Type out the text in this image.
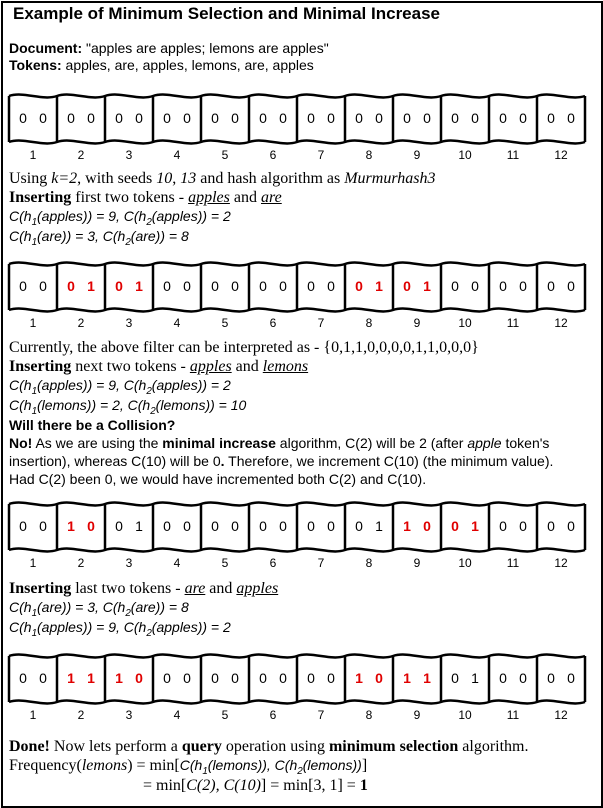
Example of Minimum Selection and Minimal Increase
Document: "apples are apples; lemons are apples"
Tokens: apples, are, apples, lemons, are, apples
0 0
1
0 0
2
0 0
3
0 0
4
0 0
5
0 0
6
0 0
7
0 0
8
0 0
9
0 0
10
0 0
11
0 0
12
Using k=2, with seeds 10, 13 and hash algorithm as Murmurhash3
Inserting first two tokens - apples and are
$C(h_1(apples)) = 9$, $C(h_2(apples)) = 2$
$C(h_1(are)) = 3$, $C(h_2(are)) = 8$
0 0
1
0 1
2
0 1
3
0 0
4
0 0
5
0 0
6
0 0
7
0 1
8
0 1
9
0 0
10
0 0
11
0 0
12
Currently, the above filter can be interpreted as - {0,1,1,0,0,0,0,1,1,0,0,0}
Inserting next two tokens - apples and lemons
$C(h_1(apples)) = 9$, $C(h_2(apples)) = 2$
$C(h_1(lemons)) = 2$, $C(h_2(lemons)) = 10$
Will there be a Collision?
No! As we are using the minimal increase algorithm, C(2) will be 2 (after apple token's
insertion), whereas C(10) will be 0. Therefore, we increment C(10) (the minimum value).
Had C(2) been 0, we would have incremented both C(2) and C(10).
0 0
1
1 0
2
0 1
3
0 0
4
0 0
5
0 0
6
0 0
7
0 1
8
1 0
9
0 1
10
0 0
11
0 0
12
Inserting last two tokens - are and apples
$C(h_1(are)) = 3$, $C(h_2(are)) = 8$
$C(h_1(apples)) = 9$, $C(h_2(apples)) = 2$
0 0
1
1 1
2
1 0
3
0 0
4
0 0
5
0 0
6
0 0
7
1 0
8
1 1
9
0 1
10
0 0
11
0 0
12
Done! Now lets perform a query operation using minimum selection algorithm.
Frequency(lemons) = $\min[C(h_1(lemons))$, $C(h_2(lemons))$]
= min[C(2), C(10)] = min[3, 1] = 1
